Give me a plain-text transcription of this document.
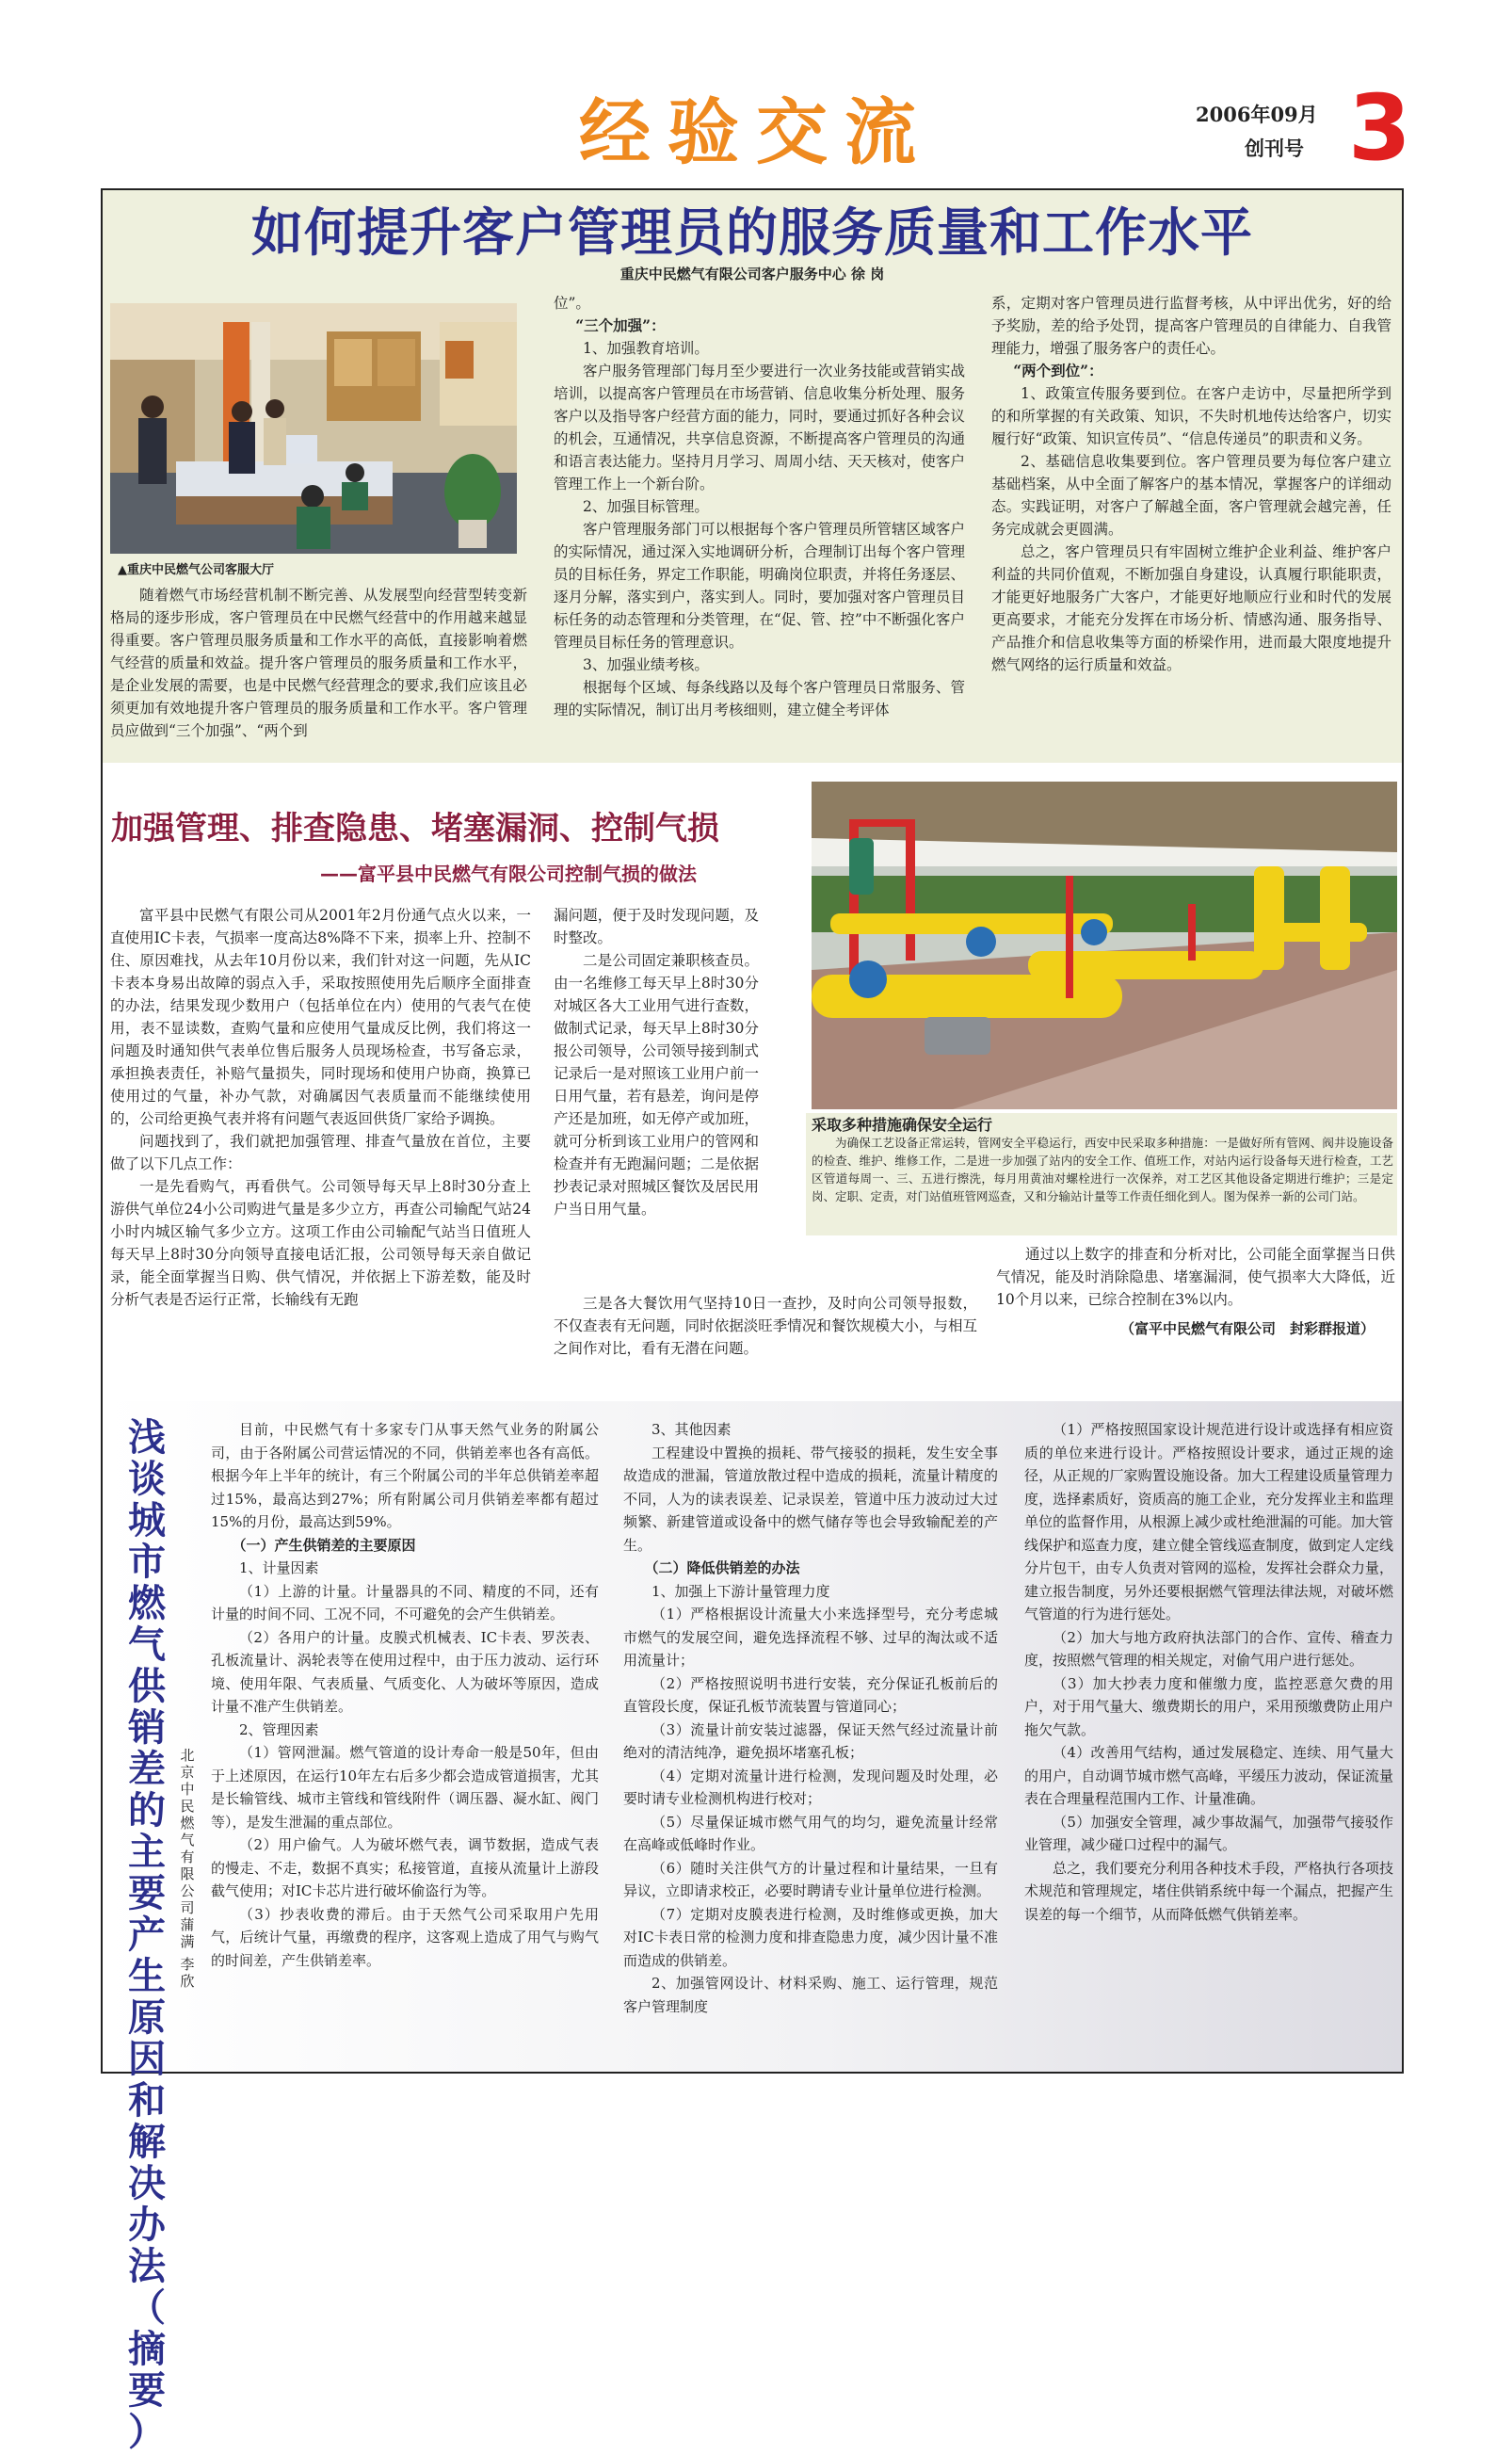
经验交流	2006年09月
创刊号 3
如何提升客户管理员的服务质量和工作水平
重庆中民燃气有限公司客户服务中心 徐 岗
▲重庆中民燃气公司客服大厅

随着燃气市场经营机制不断完善、从发展型向经营型转变新格局的逐步形成，客户管理员在中民燃气经营中的作用越来越显得重要。客户管理员服务质量和工作水平的高低，直接影响着燃气经营的质量和效益。提升客户管理员的服务质量和工作水平，是企业发展的需要，也是中民燃气经营理念的要求,我们应该且必须更加有效地提升客户管理员的服务质量和工作水平。客户管理员应做到“三个加强”、“两个到

位”。

“三个加强”：

1、加强教育培训。

客户服务管理部门每月至少要进行一次业务技能或营销实战培训，以提高客户管理员在市场营销、信息收集分析处理、服务客户以及指导客户经营方面的能力，同时，要通过抓好各种会议的机会，互通情况，共享信息资源，不断提高客户管理员的沟通和语言表达能力。坚持月月学习、周周小结、天天核对，使客户管理工作上一个新台阶。

2、加强目标管理。

客户管理服务部门可以根据每个客户管理员所管辖区域客户的实际情况，通过深入实地调研分析，合理制订出每个客户管理员的目标任务，界定工作职能，明确岗位职责，并将任务逐层、逐月分解，落实到户，落实到人。同时，要加强对客户管理员目标任务的动态管理和分类管理，在“促、管、控”中不断强化客户管理员目标任务的管理意识。

3、加强业绩考核。

根据每个区域、每条线路以及每个客户管理员日常服务、管理的实际情况，制订出月考核细则，建立健全考评体

系，定期对客户管理员进行监督考核，从中评出优劣，好的给予奖励，差的给予处罚，提高客户管理员的自律能力、自我管理能力，增强了服务客户的责任心。

“两个到位”：

1、政策宣传服务要到位。在客户走访中，尽量把所学到的和所掌握的有关政策、知识，不失时机地传达给客户，切实履行好“政策、知识宣传员”、“信息传递员”的职责和义务。

2、基础信息收集要到位。客户管理员要为每位客户建立基础档案，从中全面了解客户的基本情况，掌握客户的详细动态。实践证明，对客户了解越全面，客户管理就会越完善，任务完成就会更圆满。

总之，客户管理员只有牢固树立维护企业利益、维护客户利益的共同价值观，不断加强自身建设，认真履行职能职责，才能更好地服务广大客户，才能更好地顺应行业和时代的发展更高要求，才能充分发挥在市场分析、情感沟通、服务指导、产品推介和信息收集等方面的桥梁作用，进而最大限度地提升燃气网络的运行质量和效益。

加强管理、排查隐患、堵塞漏洞、控制气损
——富平县中民燃气有限公司控制气损的做法

富平县中民燃气有限公司从2001年2月份通气点火以来，一直使用IC卡表，气损率一度高达8%降不下来，损率上升、控制不住、原因难找，从去年10月份以来，我们针对这一问题，先从IC卡表本身易出故障的弱点入手，采取按照使用先后顺序全面排查的办法，结果发现少数用户（包括单位在内）使用的气表气在使用，表不显读数，查购气量和应使用气量成反比例，我们将这一问题及时通知供气表单位售后服务人员现场检查，书写备忘录，承担换表责任，补赔气量损失，同时现场和使用户协商，换算已使用过的气量，补办气款，对确属因气表质量而不能继续使用的，公司给更换气表并将有问题气表返回供货厂家给予调换。

问题找到了，我们就把加强管理、排查气量放在首位，主要做了以下几点工作：

一是先看购气，再看供气。公司领导每天早上8时30分查上游供气单位24小公司购进气量是多少立方，再查公司输配气站24小时内城区输气多少立方。这项工作由公司输配气站当日值班人每天早上8时30分向领导直接电话汇报，公司领导每天亲自做记录，能全面掌握当日购、供气情况，并依据上下游差数，能及时分析气表是否运行正常，长输线有无跑

漏问题，便于及时发现问题，及时整改。

二是公司固定兼职核查员。由一名维修工每天早上8时30分对城区各大工业用气进行查数，做制式记录，每天早上8时30分报公司领导，公司领导接到制式记录后一是对照该工业用户前一日用气量，若有悬差，询问是停产还是加班，如无停产或加班，就可分析到该工业用户的管网和检查并有无跑漏问题；二是依据抄表记录对照城区餐饮及居民用户当日用气量。

三是各大餐饮用气坚持10日一查抄，及时向公司领导报数，不仅查表有无问题，同时依据淡旺季情况和餐饮规模大小，与相互之间作对比，看有无潜在问题。

采取多种措施确保安全运行

为确保工艺设备正常运转，管网安全平稳运行，西安中民采取多种措施：一是做好所有管网、阀井设施设备的检查、维护、维修工作，二是进一步加强了站内的安全工作、值班工作，对站内运行设备每天进行检查，工艺区管道每周一、三、五进行擦洗，每月用黄油对螺栓进行一次保养，对工艺区其他设备定期进行维护；三是定岗、定职、定责，对门站值班管网巡查，又和分输站计量等工作责任细化到人。图为保养一新的公司门站。

通过以上数字的排查和分析对比，公司能全面掌握当日供气情况，能及时消除隐患、堵塞漏洞，使气损率大大降低，近10个月以来，已综合控制在3%以内。

（富平中民燃气有限公司　封彩群报道）
浅
谈
城
市
燃
气
供
销
差
的
主
要
产
生
原
因
和
解
决
办
法
（
摘
要
）
北
京
中
民
燃
气
有
限
公
司
蒲
满
李
欣

目前，中民燃气有十多家专门从事天然气业务的附属公司，由于各附属公司营运情况的不同，供销差率也各有高低。根据今年上半年的统计，有三个附属公司的半年总供销差率超过15%，最高达到27%；所有附属公司月供销差率都有超过15%的月份，最高达到59%。

（一）产生供销差的主要原因

1、计量因素

（1）上游的计量。计量器具的不同、精度的不同，还有计量的时间不同、工况不同，不可避免的会产生供销差。

（2）各用户的计量。皮膜式机械表、IC卡表、罗茨表、孔板流量计、涡轮表等在使用过程中，由于压力波动、运行环境、使用年限、气表质量、气质变化、人为破坏等原因，造成计量不准产生供销差。

2、管理因素

（1）管网泄漏。燃气管道的设计寿命一般是50年，但由于上述原因，在运行10年左右后多少都会造成管道损害，尤其是长输管线、城市主管线和管线附件（调压器、凝水缸、阀门等），是发生泄漏的重点部位。

（2）用户偷气。人为破坏燃气表，调节数据，造成气表的慢走、不走，数据不真实；私接管道，直接从流量计上游段截气使用；对IC卡芯片进行破坏偷盗行为等。

（3）抄表收费的滞后。由于天然气公司采取用户先用气，后统计气量，再缴费的程序，这客观上造成了用气与购气的时间差，产生供销差率。

3、其他因素

工程建设中置换的损耗、带气接驳的损耗，发生安全事故造成的泄漏，管道放散过程中造成的损耗，流量计精度的不同，人为的读表误差、记录误差，管道中压力波动过大过频繁、新建管道或设备中的燃气储存等也会导致输配差的产生。

（二）降低供销差的办法

1、加强上下游计量管理力度

（1）严格根据设计流量大小来选择型号，充分考虑城市燃气的发展空间，避免选择流程不够、过早的淘汰或不适用流量计；

（2）严格按照说明书进行安装，充分保证孔板前后的直管段长度，保证孔板节流装置与管道同心；

（3）流量计前安装过滤器，保证天然气经过流量计前绝对的清洁纯净，避免损坏堵塞孔板；

（4）定期对流量计进行检测，发现问题及时处理，必要时请专业检测机构进行校对；

（5）尽量保证城市燃气用气的均匀，避免流量计经常在高峰或低峰时作业。

（6）随时关注供气方的计量过程和计量结果，一旦有异议，立即请求校正，必要时聘请专业计量单位进行检测。

（7）定期对皮膜表进行检测，及时维修或更换，加大对IC卡表日常的检测力度和排查隐患力度，减少因计量不准而造成的供销差。

2、加强管网设计、材料采购、施工、运行管理，规范客户管理制度

（1）严格按照国家设计规范进行设计或选择有相应资质的单位来进行设计。严格按照设计要求，通过正规的途径，从正规的厂家购置设施设备。加大工程建设质量管理力度，选择素质好，资质高的施工企业，充分发挥业主和监理单位的监督作用，从根源上减少或杜绝泄漏的可能。加大管线保护和巡查力度，建立健全管线巡查制度，做到定人定线分片包干，由专人负责对管网的巡检，发挥社会群众力量，建立报告制度，另外还要根据燃气管理法律法规，对破坏燃气管道的行为进行惩处。

（2）加大与地方政府执法部门的合作、宣传、稽查力度，按照燃气管理的相关规定，对偷气用户进行惩处。

（3）加大抄表力度和催缴力度，监控恶意欠费的用户，对于用气量大、缴费期长的用户，采用预缴费防止用户拖欠气款。

（4）改善用气结构，通过发展稳定、连续、用气量大的用户，自动调节城市燃气高峰，平缓压力波动，保证流量表在合理量程范围内工作、计量准确。

（5）加强安全管理，减少事故漏气，加强带气接驳作业管理，减少碰口过程中的漏气。

总之，我们要充分利用各种技术手段，严格执行各项技术规范和管理规定，堵住供销系统中每一个漏点，把握产生误差的每一个细节，从而降低燃气供销差率。
